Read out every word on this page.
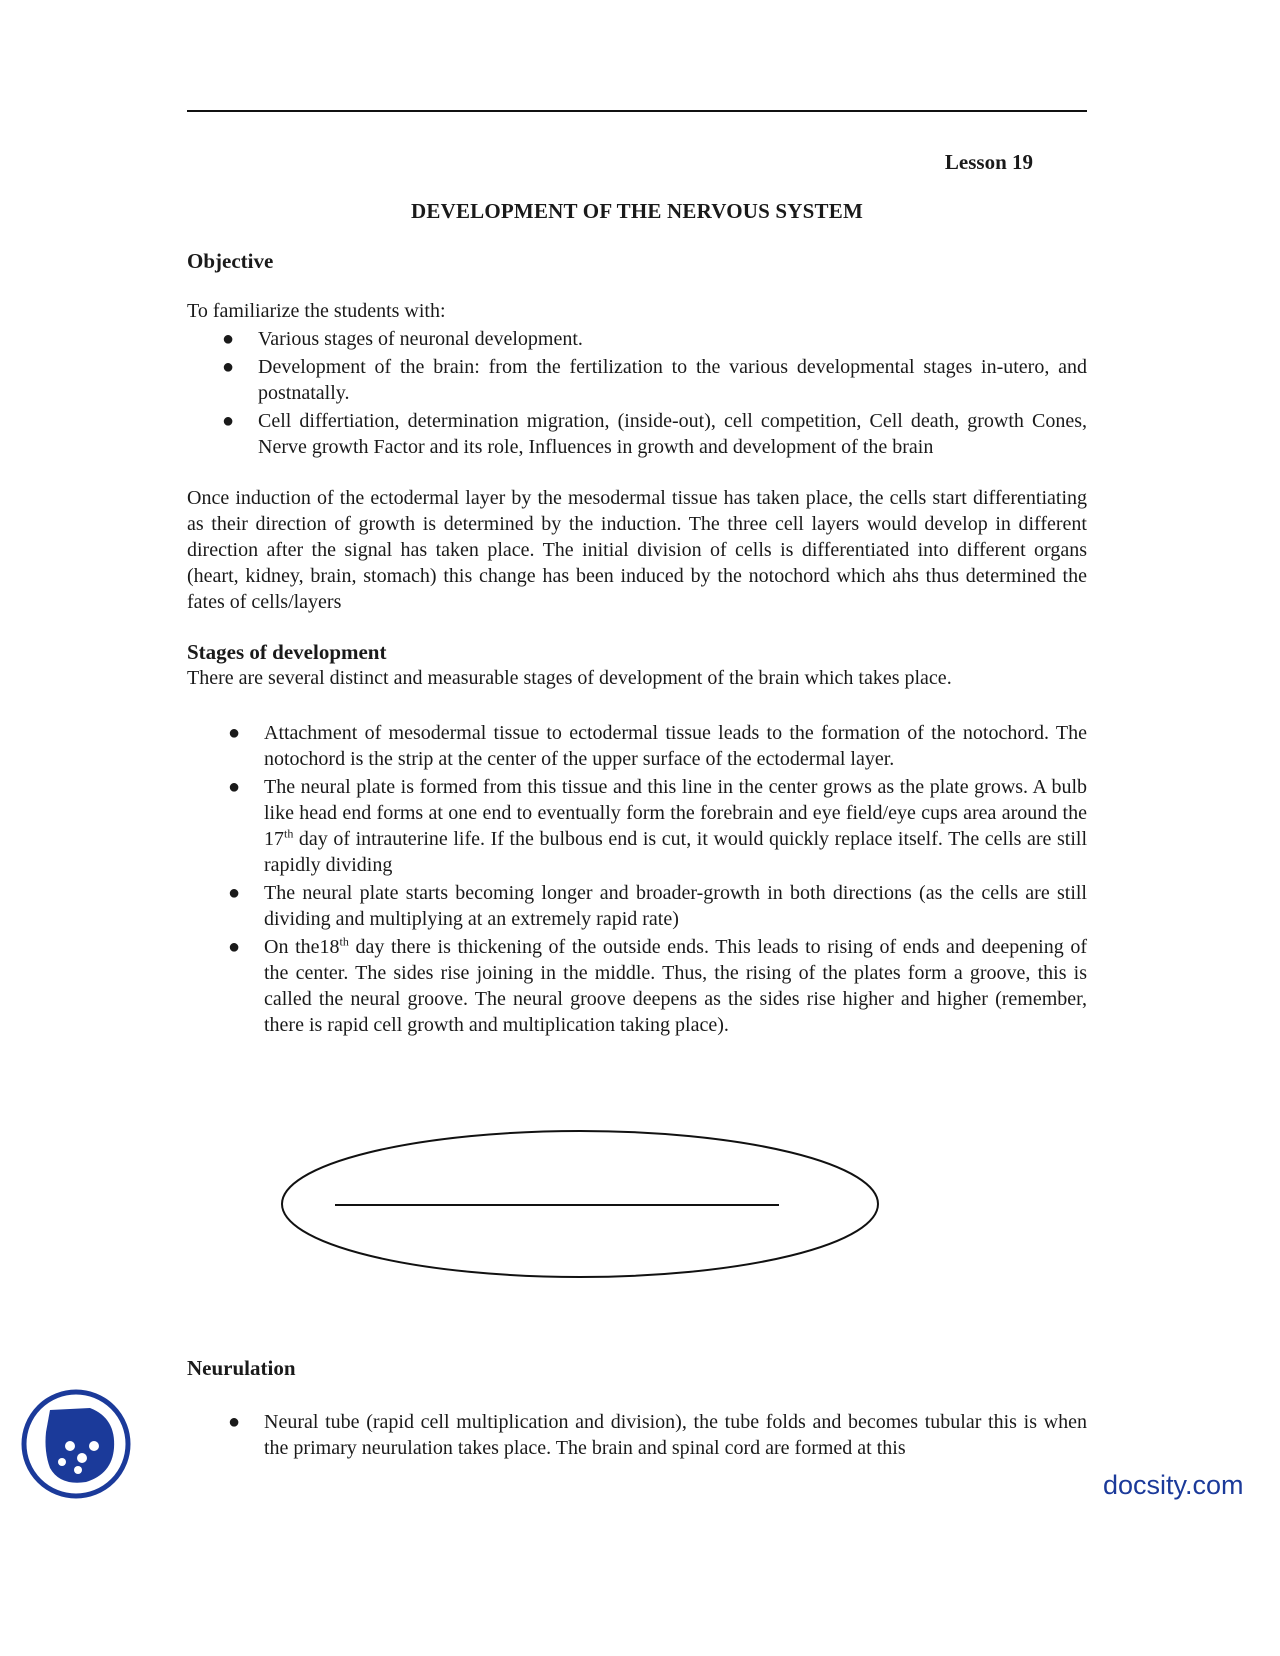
Lesson 19
DEVELOPMENT OF THE NERVOUS SYSTEM
Objective
To familiarize the students with:
● Various stages of neuronal development.
● Development of the brain: from the fertilization to the various developmental stages in-utero, and postnatally.
● Cell differtiation, determination migration, (inside-out), cell competition, Cell death, growth Cones, Nerve growth Factor and its role, Influences in growth and development of the brain
Once induction of the ectodermal layer by the mesodermal tissue has taken place, the cells start differentiating as their direction of growth is determined by the induction. The three cell layers would develop in different direction after the signal has taken place. The initial division of cells is differentiated into different organs (heart, kidney, brain, stomach) this change has been induced by the notochord which ahs thus determined the fates of cells/layers
Stages of development
There are several distinct and measurable stages of development of the brain which takes place.
● Attachment of mesodermal tissue to ectodermal tissue leads to the formation of the notochord. The notochord is the strip at the center of the upper surface of the ectodermal layer.
● The neural plate is formed from this tissue and this line in the center grows as the plate grows. A bulb like head end forms at one end to eventually form the forebrain and eye field/eye cups area around the 17th day of intrauterine life. If the bulbous end is cut, it would quickly replace itself. The cells are still rapidly dividing
● The neural plate starts becoming longer and broader-growth in both directions (as the cells are still dividing and multiplying at an extremely rapid rate)
● On the18th day there is thickening of the outside ends. This leads to rising of ends and deepening of the center. The sides rise joining in the middle. Thus, the rising of the plates form a groove, this is called the neural groove. The neural groove deepens as the sides rise higher and higher (remember, there is rapid cell growth and multiplication taking place).
Neurulation
● Neural tube (rapid cell multiplication and division), the tube folds and becomes tubular this is when the primary neurulation takes place. The brain and spinal cord are formed at this
docsity.com
